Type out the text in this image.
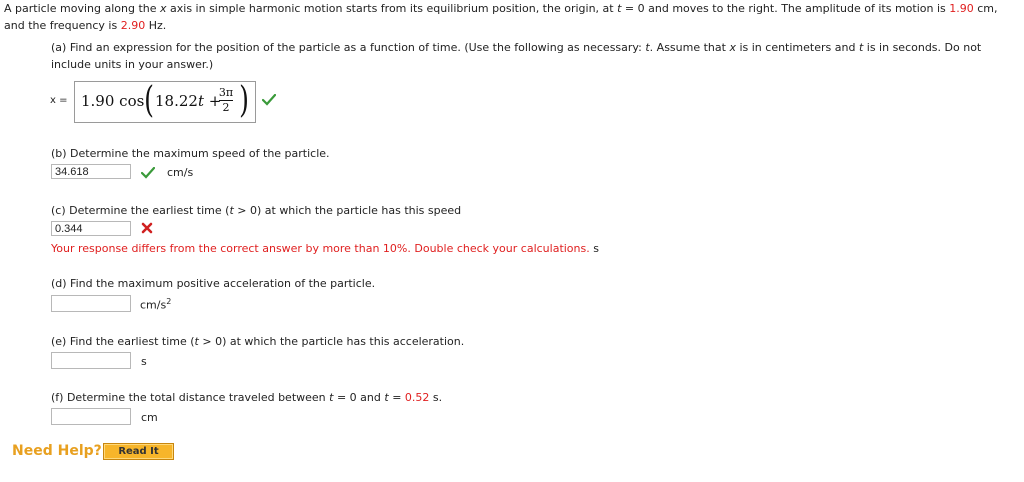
A particle moving along the x axis in simple harmonic motion starts from its equilibrium position, the origin, at t = 0 and moves to the right. The amplitude of its motion is 1.90 cm, and the frequency is 2.90 Hz.
(a) Find an expression for the position of the particle as a function of time. (Use the following as necessary: t. Assume that x is in centimeters and t is in seconds. Do not include units in your answer.)
x = 1.90 cos ( 18.22t +
3π
2 )
(b) Determine the maximum speed of the particle.
34.618	cm/s
(c) Determine the earliest time (t > 0) at which the particle has this speed
0.344
Your response differs from the correct answer by more than 10%. Double check your calculations. s
(d) Find the maximum positive acceleration of the particle.
$cm/s^2$
(e) Find the earliest time (t > 0) at which the particle has this acceleration.
s
(f) Determine the total distance traveled between t = 0 and t = 0.52 s.
cm
Need Help?	Read It
